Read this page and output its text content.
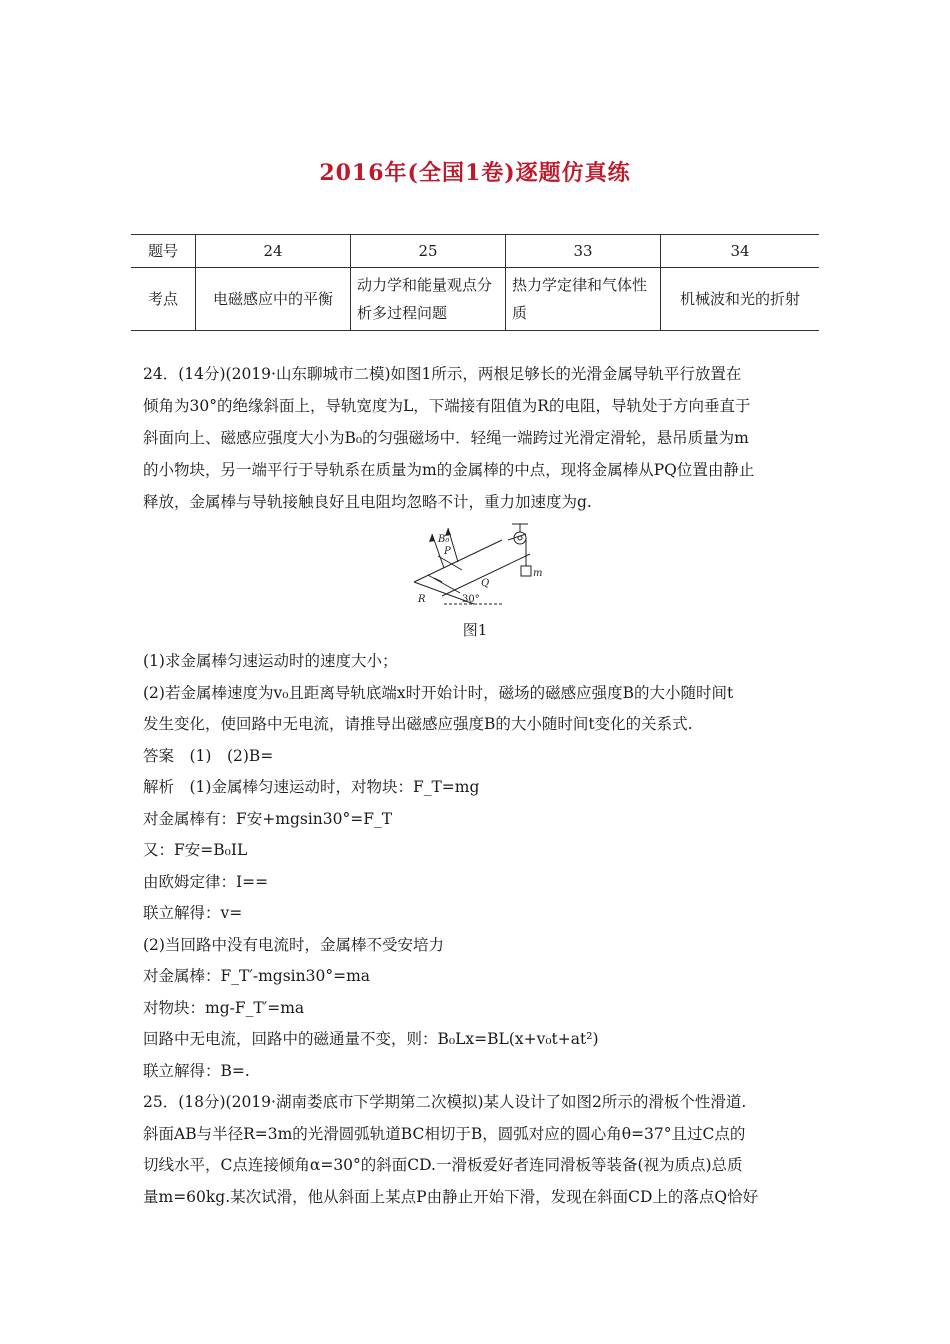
2016年(全国1卷)逐题仿真练
题号	24	25	33	34
考点	电磁感应中的平衡	动力学和能量观点分析多过程问题	热力学定律和气体性质	机械波和光的折射

24．(14分)(2019·山东聊城市二模)如图1所示，两根足够长的光滑金属导轨平行放置在

倾角为30°的绝缘斜面上，导轨宽度为L，下端接有阻值为R的电阻，导轨处于方向垂直于

斜面向上、磁感应强度大小为B₀的匀强磁场中．轻绳一端跨过光滑定滑轮，悬吊质量为m

的小物块，另一端平行于导轨系在质量为m的金属棒的中点，现将金属棒从PQ位置由静止

释放，金属棒与导轨接触良好且电阻均忽略不计，重力加速度为g.

B₀
P
Q
R
m
30°
图1

(1)求金属棒匀速运动时的速度大小；

(2)若金属棒速度为v₀且距离导轨底端x时开始计时，磁场的磁感应强度B的大小随时间t

发生变化，使回路中无电流，请推导出磁感应强度B的大小随时间t变化的关系式.

答案　(1)　(2)B=

解析　(1)金属棒匀速运动时，对物块：F_T=mg

对金属棒有：F安+mgsin30°=F_T

又：F安=B₀IL

由欧姆定律：I==

联立解得：v=

(2)当回路中没有电流时，金属棒不受安培力

对金属棒：F_T′-mgsin30°=ma

对物块：mg-F_T′=ma

回路中无电流，回路中的磁通量不变，则：B₀Lx=BL(x+v₀t+at²)

联立解得：B=.

25．(18分)(2019·湖南娄底市下学期第二次模拟)某人设计了如图2所示的滑板个性滑道.

斜面AB与半径R=3m的光滑圆弧轨道BC相切于B，圆弧对应的圆心角θ=37°且过C点的

切线水平，C点连接倾角α=30°的斜面CD.一滑板爱好者连同滑板等装备(视为质点)总质

量m=60kg.某次试滑，他从斜面上某点P由静止开始下滑，发现在斜面CD上的落点Q恰好
